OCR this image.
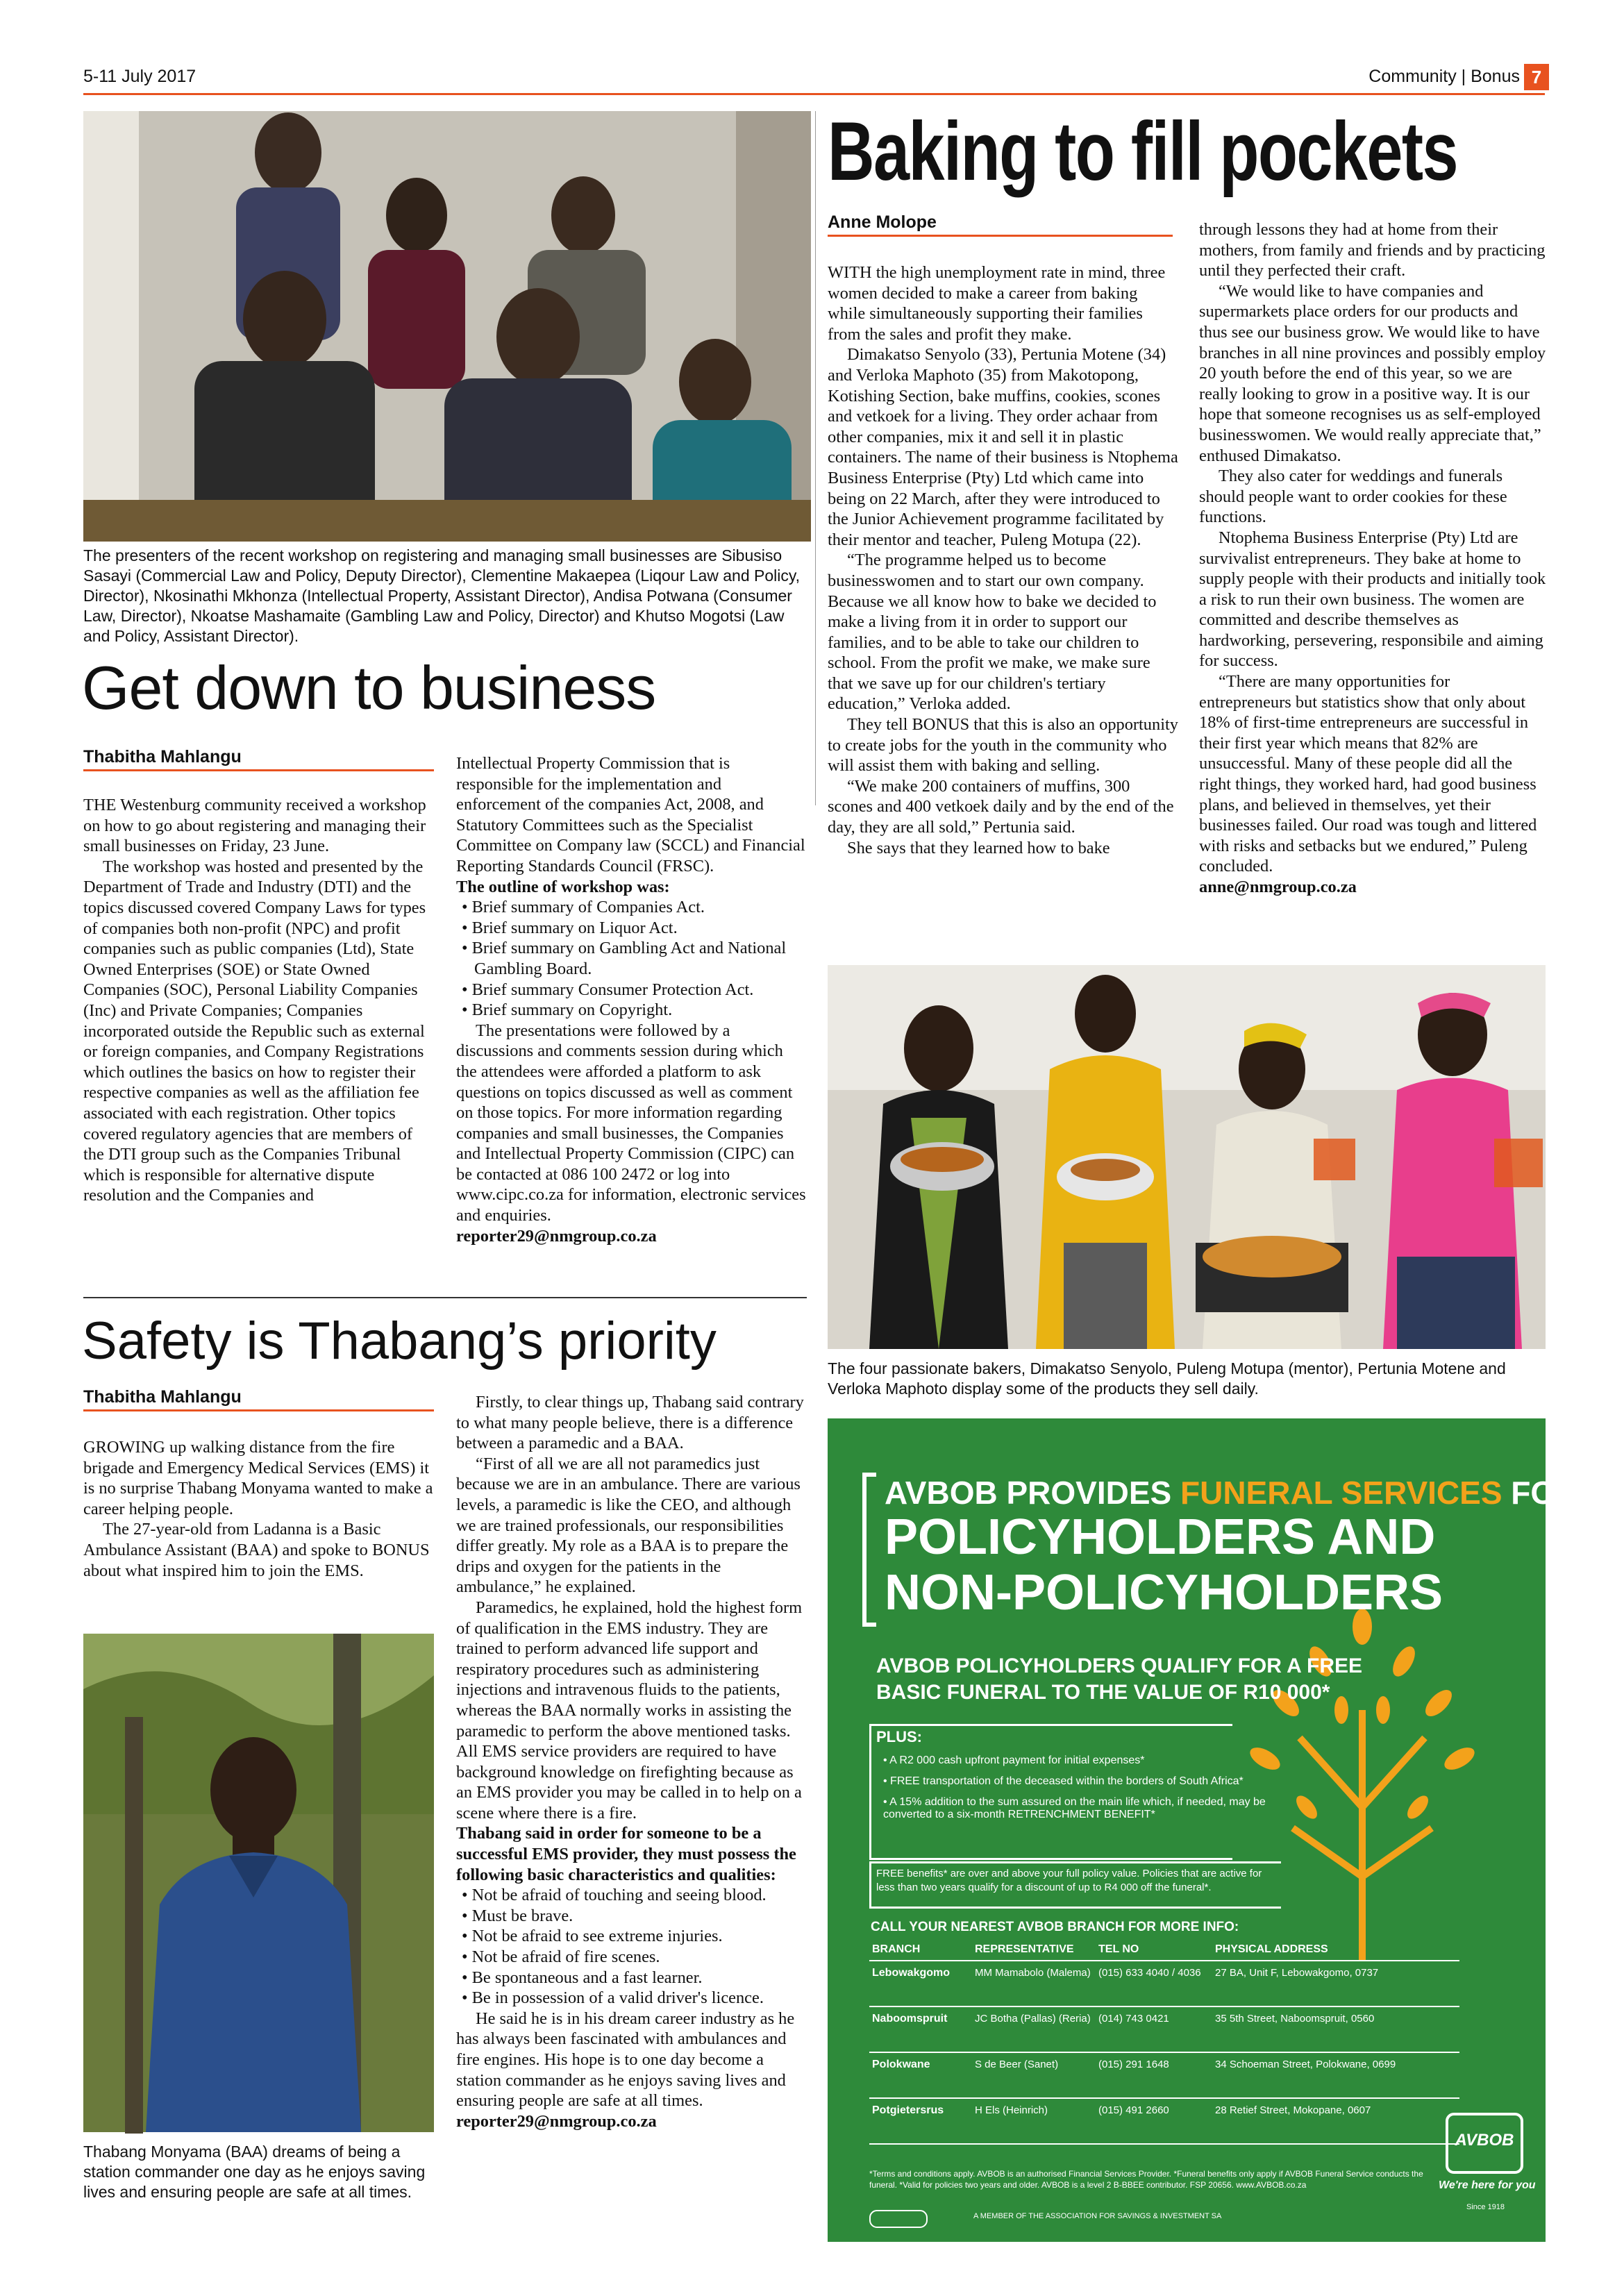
5-11 July 2017	Community | Bonus 7
The presenters of the recent workshop on registering and managing small businesses are Sibusiso Sasayi (Commercial Law and Policy, Deputy Director), Clementine Makaepea (Liqour Law and Policy, Director), Nkosinathi Mkhonza (Intellectual Property, Assistant Director), Andisa Potwana (Consumer Law, Director), Nkoatse Mashamaite (Gambling Law and Policy, Director) and Khutso Mogotsi (Law and Policy, Assistant Director).
Get down to business
Thabitha Mahlangu

THE Westenburg community received a workshop on how to go about registering and managing their small businesses on Friday, 23 June.

The workshop was hosted and presented by the Department of Trade and Industry (DTI) and the topics discussed covered Company Laws for types of companies both non-profit (NPC) and profit companies such as public companies (Ltd), State Owned Enterprises (SOE) or State Owned Companies (SOC), Personal Liability Companies (Inc) and Private Companies; Companies incorporated outside the Republic such as external or foreign companies, and Company Registrations which outlines the basics on how to register their respective companies as well as the affiliation fee associated with each registration. Other topics covered regulatory agencies that are members of the DTI group such as the Companies Tribunal which is responsible for alternative dispute resolution and the Companies and

Intellectual Property Commission that is responsible for the implementation and enforcement of the companies Act, 2008, and Statutory Committees such as the Specialist Committee on Company law (SCCL) and Financial Reporting Standards Council (FRSC).

The outline of workshop was:

• Brief summary of Companies Act.

• Brief summary on Liquor Act.

• Brief summary on Gambling Act and National Gambling Board.

• Brief summary Consumer Protection Act.

• Brief summary on Copyright.

The presentations were followed by a discussions and comments session during which the attendees were afforded a platform to ask questions on topics discussed as well as comment on those topics. For more information regarding companies and small businesses, the Companies and Intellectual Property Commission (CIPC) can be contacted at 086 100 2472 or log into www.cipc.co.za for information, electronic services and enquiries.

reporter29@nmgroup.co.za

Safety is Thabang’s priority
Thabitha Mahlangu

GROWING up walking distance from the fire brigade and Emergency Medical Services (EMS) it is no surprise Thabang Monyama wanted to make a career helping people.

The 27-year-old from Ladanna is a Basic Ambulance Assistant (BAA) and spoke to BONUS about what inspired him to join the EMS.

Thabang Monyama (BAA) dreams of being a station commander one day as he enjoys saving lives and ensuring people are safe at all times.

Firstly, to clear things up, Thabang said contrary to what many people believe, there is a difference between a paramedic and a BAA.

“First of all we are all not paramedics just because we are in an ambulance. There are various levels, a paramedic is like the CEO, and although we are trained professionals, our responsibilities differ greatly. My role as a BAA is to prepare the drips and oxygen for the patients in the ambulance,” he explained.

Paramedics, he explained, hold the highest form of qualification in the EMS industry. They are trained to perform advanced life support and respiratory procedures such as administering injections and intravenous fluids to the patients, whereas the BAA normally works in assisting the paramedic to perform the above mentioned tasks.

All EMS service providers are required to have background knowledge on firefighting because as an EMS provider you may be called in to help on a scene where there is a fire.

Thabang said in order for someone to be a successful EMS provider, they must possess the following basic characteristics and qualities:

• Not be afraid of touching and seeing blood.

• Must be brave.

• Not be afraid to see extreme injuries.

• Not be afraid of fire scenes.

• Be spontaneous and a fast learner.

• Be in possession of a valid driver's licence.

He said he is in his dream career industry as he has always been fascinated with ambulances and fire engines. His hope is to one day become a station commander as he enjoys saving lives and ensuring people are safe at all times.

reporter29@nmgroup.co.za

Baking to fill pockets
Anne Molope

WITH the high unemployment rate in mind, three women decided to make a career from baking while simultaneously supporting their families from the sales and profit they make.

Dimakatso Senyolo (33), Pertunia Motene (34) and Verloka Maphoto (35) from Makotopong, Kotishing Section, bake muffins, cookies, scones and vetkoek for a living. They order achaar from other companies, mix it and sell it in plastic containers. The name of their business is Ntophema Business Enterprise (Pty) Ltd which came into being on 22 March, after they were introduced to the Junior Achievement programme facilitated by their mentor and teacher, Puleng Motupa (22).

“The programme helped us to become businesswomen and to start our own company. Because we all know how to bake we decided to make a living from it in order to support our families, and to be able to take our children to school. From the profit we make, we make sure that we save up for our children's tertiary education,” Verloka added.

They tell BONUS that this is also an opportunity to create jobs for the youth in the community who will assist them with baking and selling.

“We make 200 containers of muffins, 300 scones and 400 vetkoek daily and by the end of the day, they are all sold,” Pertunia said.

She says that they learned how to bake

through lessons they had at home from their mothers, from family and friends and by practicing until they perfected their craft.

“We would like to have companies and supermarkets place orders for our products and thus see our business grow. We would like to have branches in all nine provinces and possibly employ 20 youth before the end of this year, so we are really looking to grow in a positive way. It is our hope that someone recognises us as self-employed businesswomen. We would really appreciate that,” enthused Dimakatso.

They also cater for weddings and funerals should people want to order cookies for these functions.

Ntophema Business Enterprise (Pty) Ltd are survivalist entrepreneurs. They bake at home to supply people with their products and initially took a risk to run their own business. The women are committed and describe themselves as hardworking, persevering, responsibile and aiming for success.

“There are many opportunities for entrepreneurs but statistics show that only about 18% of first-time entrepreneurs are successful in their first year which means that 82% are unsuccessful. Many of these people did all the right things, they worked hard, had good business plans, and believed in themselves, yet their businesses failed. Our road was tough and littered with risks and setbacks but we endured,” Puleng concluded.

anne@nmgroup.co.za

The four passionate bakers, Dimakatso Senyolo, Puleng Motupa (mentor), Pertunia Motene and Verloka Maphoto display some of the products they sell daily.
AVBOB PROVIDES FUNERAL SERVICES FOR
POLICYHOLDERS AND
NON-POLICYHOLDERS
AVBOB POLICYHOLDERS QUALIFY FOR A FREE
BASIC FUNERAL TO THE VALUE OF R10 000*
PLUS:
• A R2 000 cash upfront payment for initial expenses*
• FREE transportation of the deceased within the borders of South Africa*
• A 15% addition to the sum assured on the main life which, if needed, may be converted to a six-month RETRENCHMENT BENEFIT*
FREE benefits* are over and above your full policy value. Policies that are active for less than two years qualify for a discount of up to R4 000 off the funeral*.
CALL YOUR NEAREST AVBOB BRANCH FOR MORE INFO:
BRANCH	REPRESENTATIVE	TEL NO	PHYSICAL ADDRESS
Lebowakgomo	MM Mamabolo (Malema)	(015) 633 4040 / 4036	27 BA, Unit F, Lebowakgomo, 0737
Naboomspruit	JC Botha (Pallas) (Reria)	(014) 743 0421	35 5th Street, Naboomspruit, 0560
Polokwane	S de Beer (Sanet)	(015) 291 1648	34 Schoeman Street, Polokwane, 0699
Potgietersrus	H Els (Heinrich)	(015) 491 2660	28 Retief Street, Mokopane, 0607
*Terms and conditions apply. AVBOB is an authorised Financial Services Provider. *Funeral benefits only apply if AVBOB Funeral Service conducts the funeral. *Valid for policies two years and older. AVBOB is a level 2 B-BBEE contributor. FSP 20656. www.AVBOB.co.za
A MEMBER OF THE ASSOCIATION FOR SAVINGS & INVESTMENT SA
AVBOB
We're here for you
Since 1918
